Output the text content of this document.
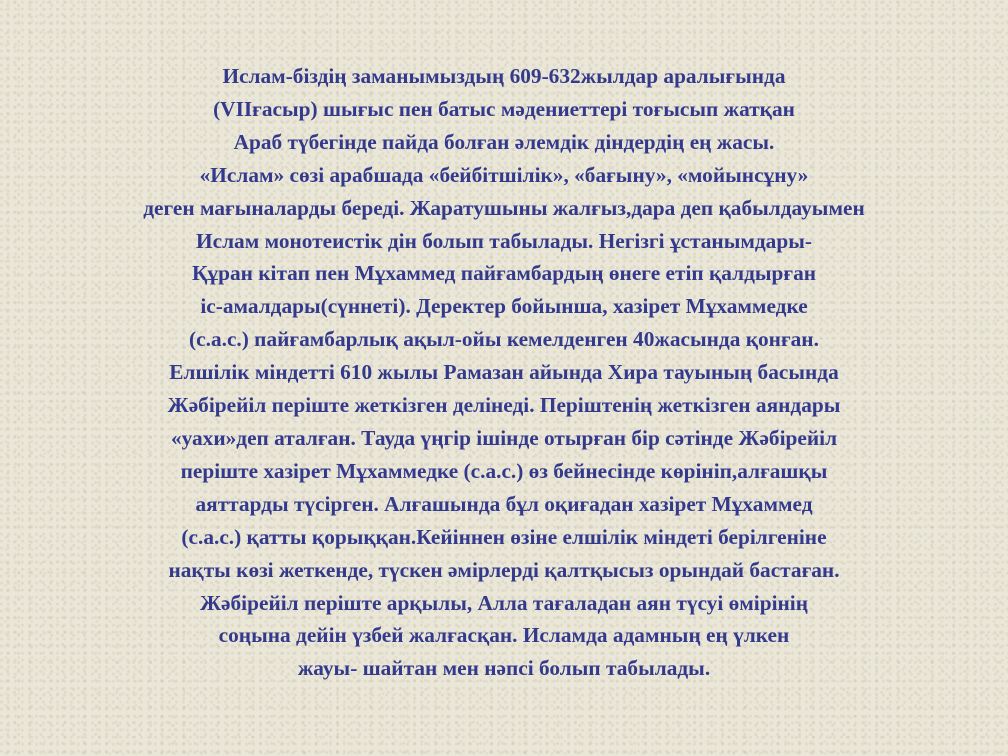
Ислам-біздің заманымыздың 609-632жылдар аралығында
(VIIғасыр) шығыс пен батыс мәдениеттері тоғысып жатқан
Араб түбегінде пайда болған әлемдік діндердің ең жасы.
«Ислам» сөзі арабшада «бейбітшілік», «бағыну», «мойынсұну»
деген мағыналарды береді. Жаратушыны жалғыз,дара деп қабылдауымен
Ислам монотеистік дін болып табылады. Негізгі ұстанымдары-
Құран кітап пен Мұхаммед пайғамбардың өнеге етіп қалдырған
іс-амалдары(сүннеті). Деректер бойынша, хазірет Мұхаммедке
(с.а.с.) пайғамбарлық ақыл-ойы кемелденген 40жасында қонған.
Елшілік міндетті 610 жылы Рамазан айында Хира тауының басында
Жәбірейіл періште жеткізген делінеді. Періштенің жеткізген аяндары
«уахи»деп аталған. Тауда үңгір ішінде отырған бір сәтінде Жәбірейіл
періште хазірет Мұхаммедке (с.а.с.) өз бейнесінде көрініп,алғашқы
аяттарды түсірген. Алғашында бұл оқиғадан хазірет Мұхаммед
(с.а.с.) қатты қорыққан.Кейіннен өзіне елшілік міндеті берілгеніне
нақты көзі жеткенде, түскен әмірлерді қалтқысыз орындай бастаған.
Жәбірейіл періште арқылы, Алла тағаладан аян түсуі өмірінің
соңына дейін үзбей жалғасқан. Исламда адамның ең үлкен
жауы- шайтан мен нәпсі болып табылады.
